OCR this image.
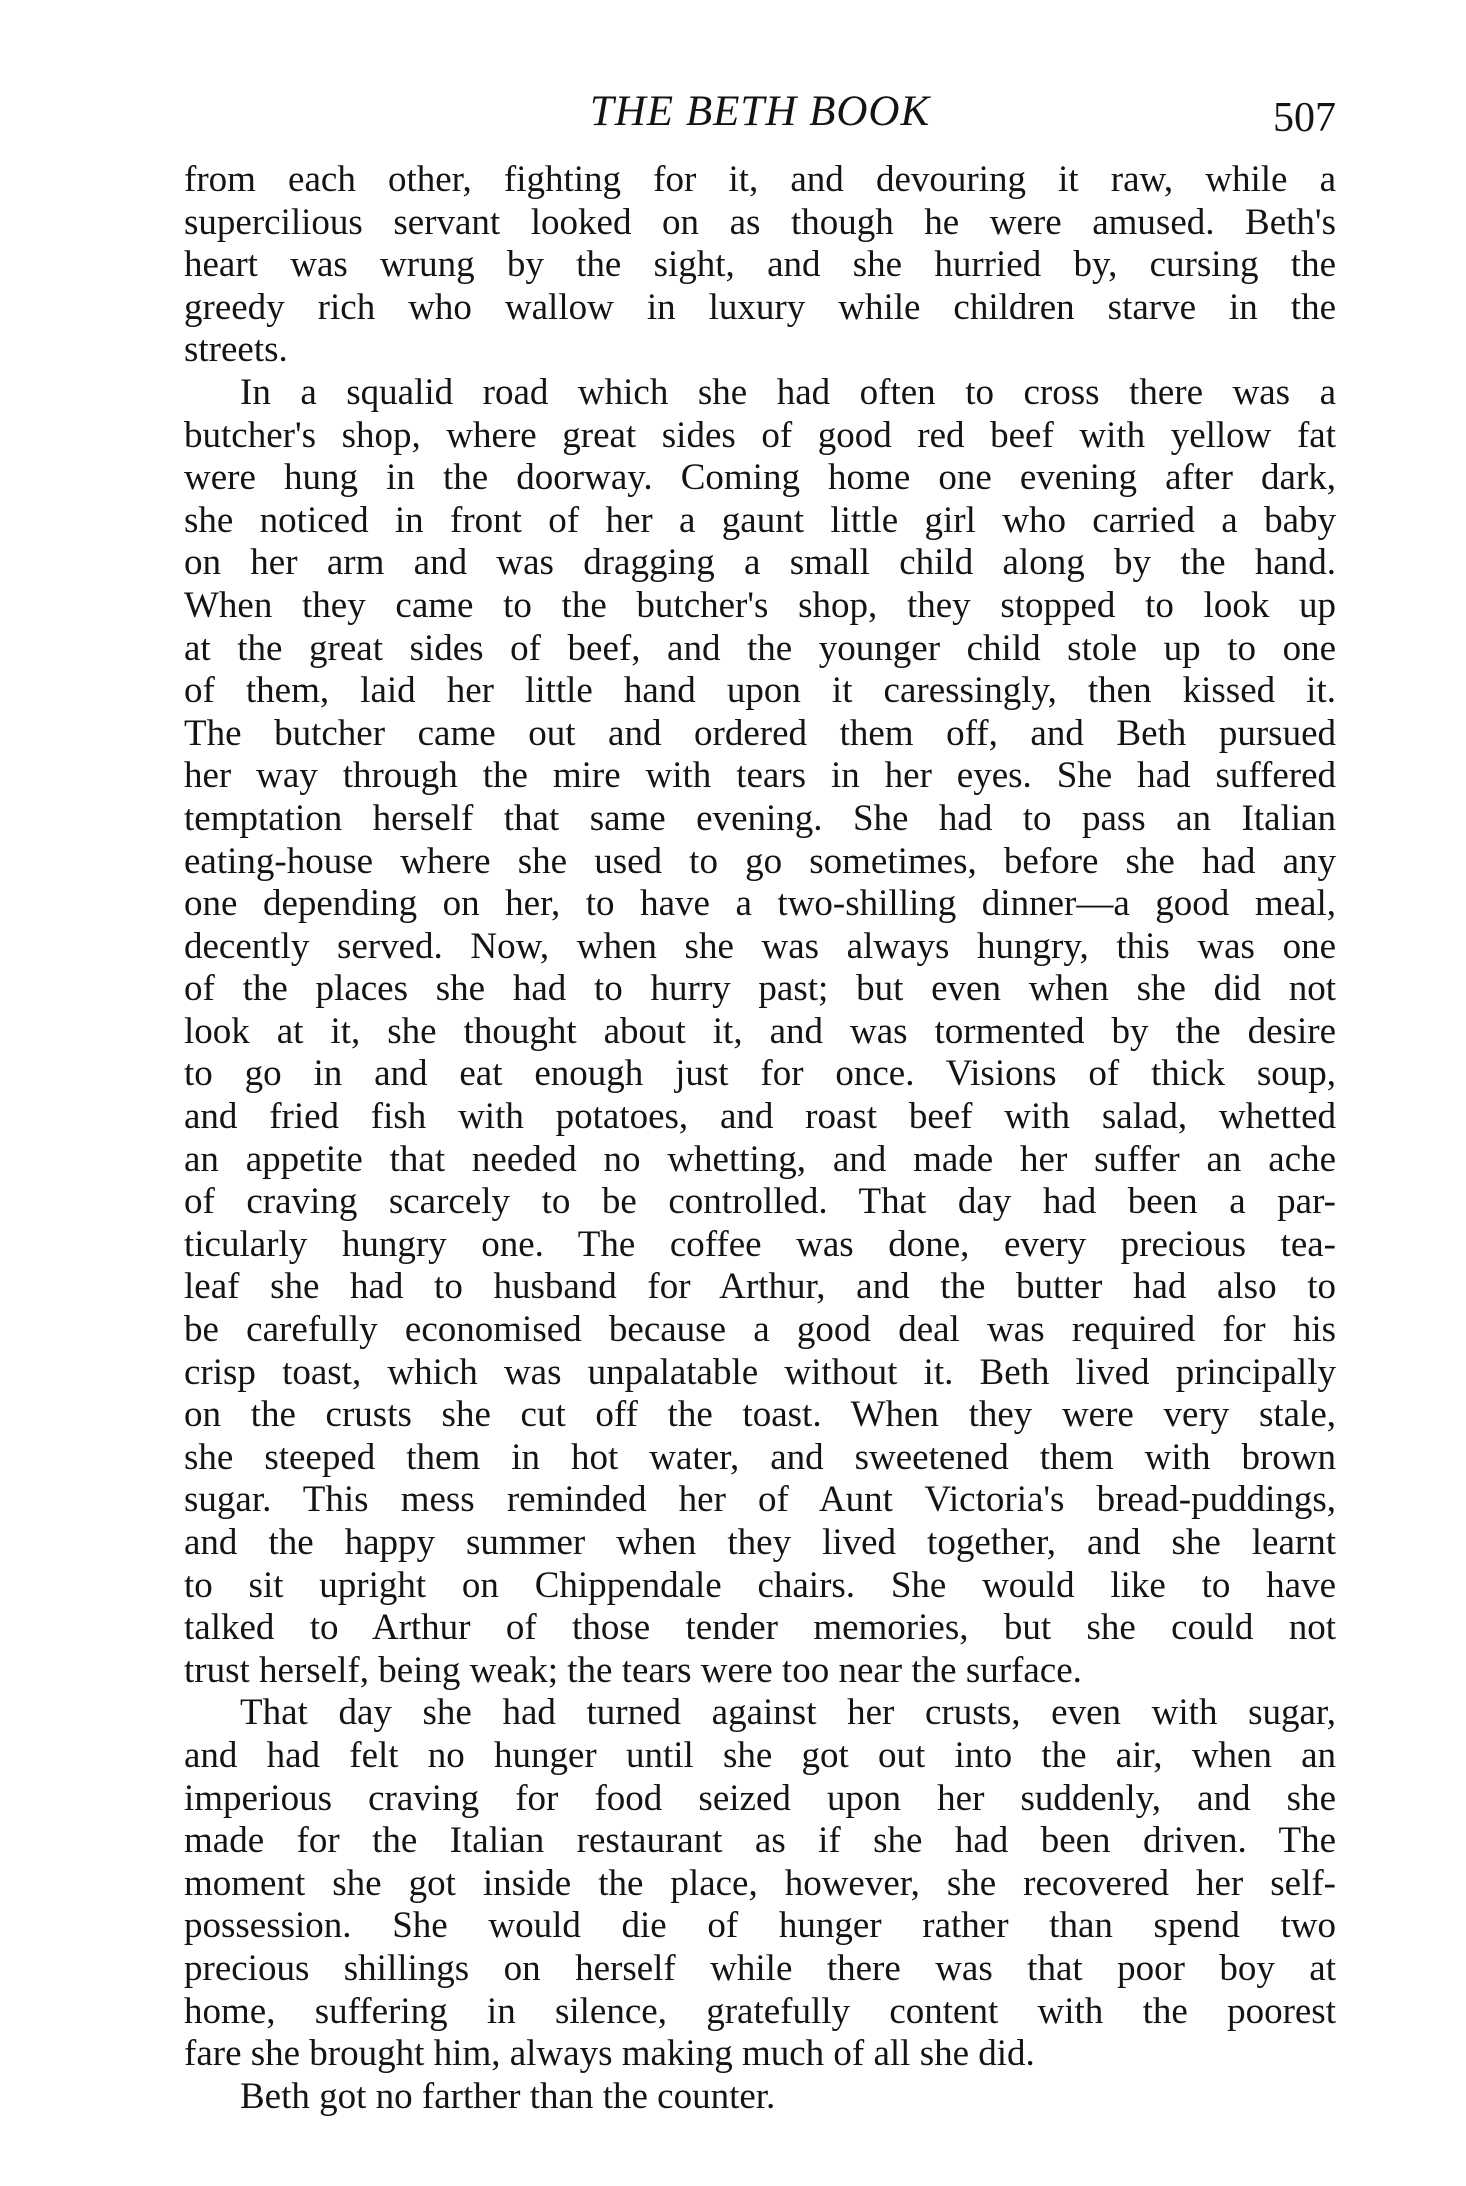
THE BETH BOOK	507
from each other, fighting for it, and devouring it raw, while a
supercilious servant looked on as though he were amused. Beth's
heart was wrung by the sight, and she hurried by, cursing the
greedy rich who wallow in luxury while children starve in the
streets.
In a squalid road which she had often to cross there was a
butcher's shop, where great sides of good red beef with yellow fat
were hung in the doorway. Coming home one evening after dark,
she noticed in front of her a gaunt little girl who carried a baby
on her arm and was dragging a small child along by the hand.
When they came to the butcher's shop, they stopped to look up
at the great sides of beef, and the younger child stole up to one
of them, laid her little hand upon it caressingly, then kissed it.
The butcher came out and ordered them off, and Beth pursued
her way through the mire with tears in her eyes. She had suffered
temptation herself that same evening. She had to pass an Italian
eating-house where she used to go sometimes, before she had any
one depending on her, to have a two-shilling dinner—a good meal,
decently served. Now, when she was always hungry, this was one
of the places she had to hurry past; but even when she did not
look at it, she thought about it, and was tormented by the desire
to go in and eat enough just for once. Visions of thick soup,
and fried fish with potatoes, and roast beef with salad, whetted
an appetite that needed no whetting, and made her suffer an ache
of craving scarcely to be controlled. That day had been a par-
ticularly hungry one. The coffee was done, every precious tea-
leaf she had to husband for Arthur, and the butter had also to
be carefully economised because a good deal was required for his
crisp toast, which was unpalatable without it. Beth lived principally
on the crusts she cut off the toast. When they were very stale,
she steeped them in hot water, and sweetened them with brown
sugar. This mess reminded her of Aunt Victoria's bread-puddings,
and the happy summer when they lived together, and she learnt
to sit upright on Chippendale chairs. She would like to have
talked to Arthur of those tender memories, but she could not
trust herself, being weak; the tears were too near the surface.
That day she had turned against her crusts, even with sugar,
and had felt no hunger until she got out into the air, when an
imperious craving for food seized upon her suddenly, and she
made for the Italian restaurant as if she had been driven. The
moment she got inside the place, however, she recovered her self-
possession. She would die of hunger rather than spend two
precious shillings on herself while there was that poor boy at
home, suffering in silence, gratefully content with the poorest
fare she brought him, always making much of all she did.
Beth got no farther than the counter.
